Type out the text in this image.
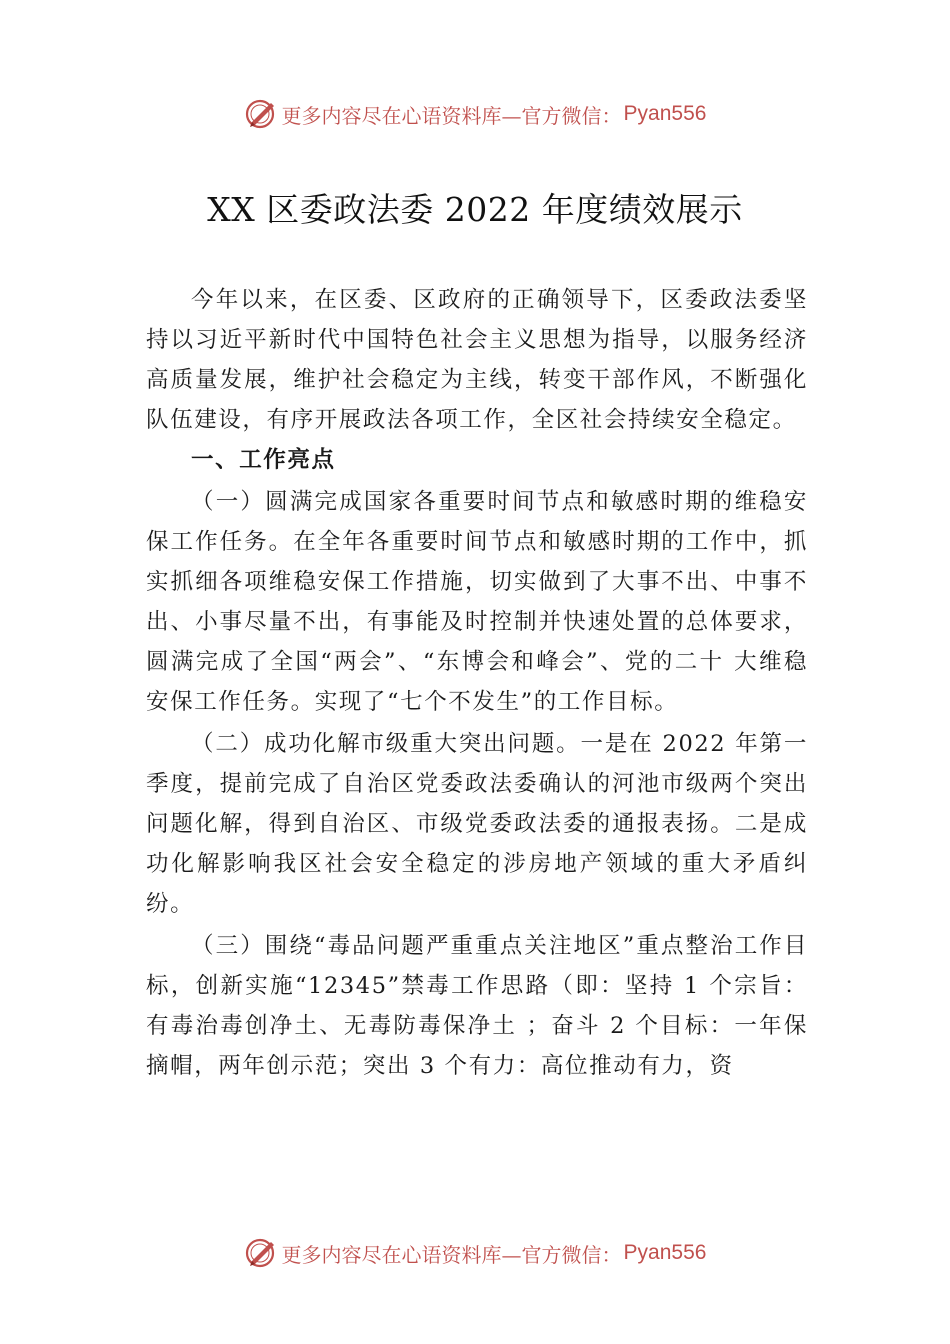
更多内容尽在心语资料库—官方微信： Pyan556
XX 区委政法委 2022 年度绩效展示

今年以来，在区委、区政府的正确领导下，区委政法委坚持以习近平新时代中国特色社会主义思想为指导，以服务经济高质量发展，维护社会稳定为主线，转变干部作风，不断强化队伍建设，有序开展政法各项工作，全区社会持续安全稳定。

一、工作亮点

（一）圆满完成国家各重要时间节点和敏感时期的维稳安保工作任务。在全年各重要时间节点和敏感时期的工作中，抓实抓细各项维稳安保工作措施，切实做到了大事不出、中事不出、小事尽量不出，有事能及时控制并快速处置的总体要求，圆满完成了全国“两会”、“东博会和峰会”、党的二十 大维稳安保工作任务。实现了“七个不发生”的工作目标。

（二）成功化解市级重大突出问题。一是在 2022 年第一季度，提前完成了自治区党委政法委确认的河池市级两个突出问题化解，得到自治区、市级党委政法委的通报表扬。二是成功化解影响我区社会安全稳定的涉房地产领域的重大矛盾纠纷。

（三）围绕“毒品问题严重重点关注地区”重点整治工作目标，创新实施“12345”禁毒工作思路（即：坚持 1 个宗旨：有毒治毒创净土、无毒防毒保净土 ；奋斗 2 个目标：一年保摘帽，两年创示范；突出 3 个有力：高位推动有力，资

更多内容尽在心语资料库—官方微信： Pyan556
